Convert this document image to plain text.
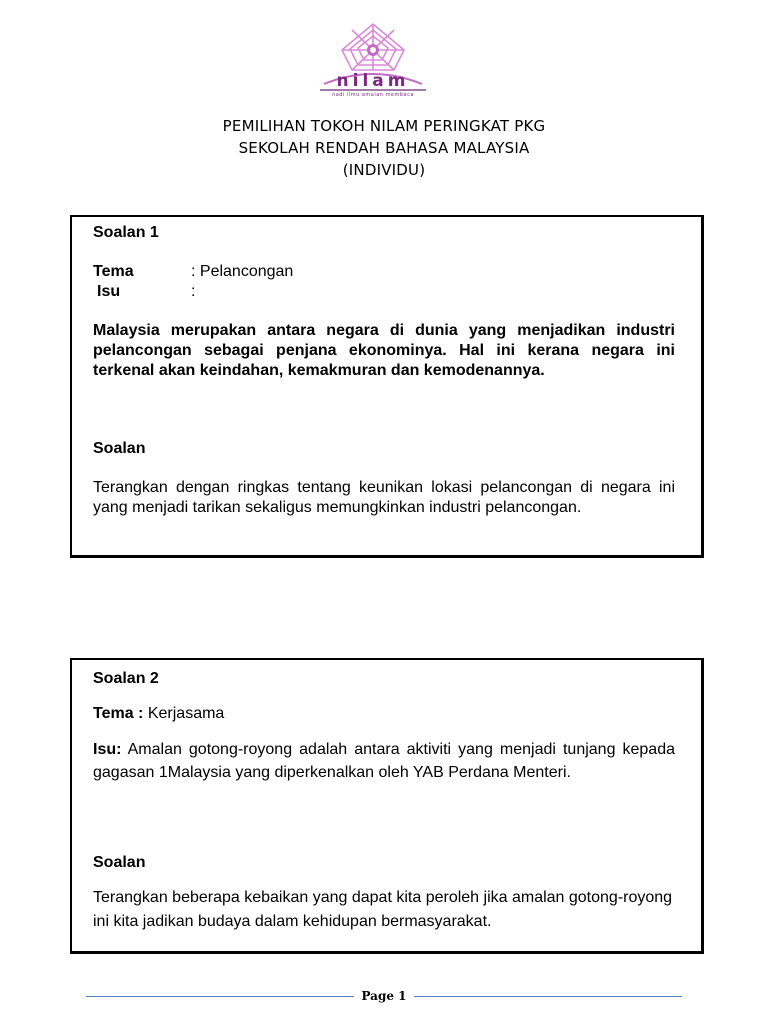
nilam
nadi ilmu amalan membaca
PEMILIHAN TOKOH NILAM PERINGKAT PKG
SEKOLAH RENDAH BAHASA MALAYSIA
(INDIVIDU)
Soalan 1
Tema	: Pelancongan
Isu	:
Malaysia merupakan antara negara di dunia yang menjadikan industri pelancongan sebagai penjana ekonominya. Hal ini kerana negara ini terkenal akan keindahan, kemakmuran dan kemodenannya.
Soalan
Terangkan dengan ringkas tentang keunikan lokasi pelancongan di negara ini yang menjadi tarikan sekaligus memungkinkan industri pelancongan.
Soalan 2
Tema : Kerjasama
Isu: Amalan gotong-royong adalah antara aktiviti yang menjadi tunjang kepada gagasan 1Malaysia yang diperkenalkan oleh YAB Perdana Menteri.
Soalan
Terangkan beberapa kebaikan yang dapat kita peroleh jika amalan gotong-royong ini kita jadikan budaya dalam kehidupan bermasyarakat.
Page 1
